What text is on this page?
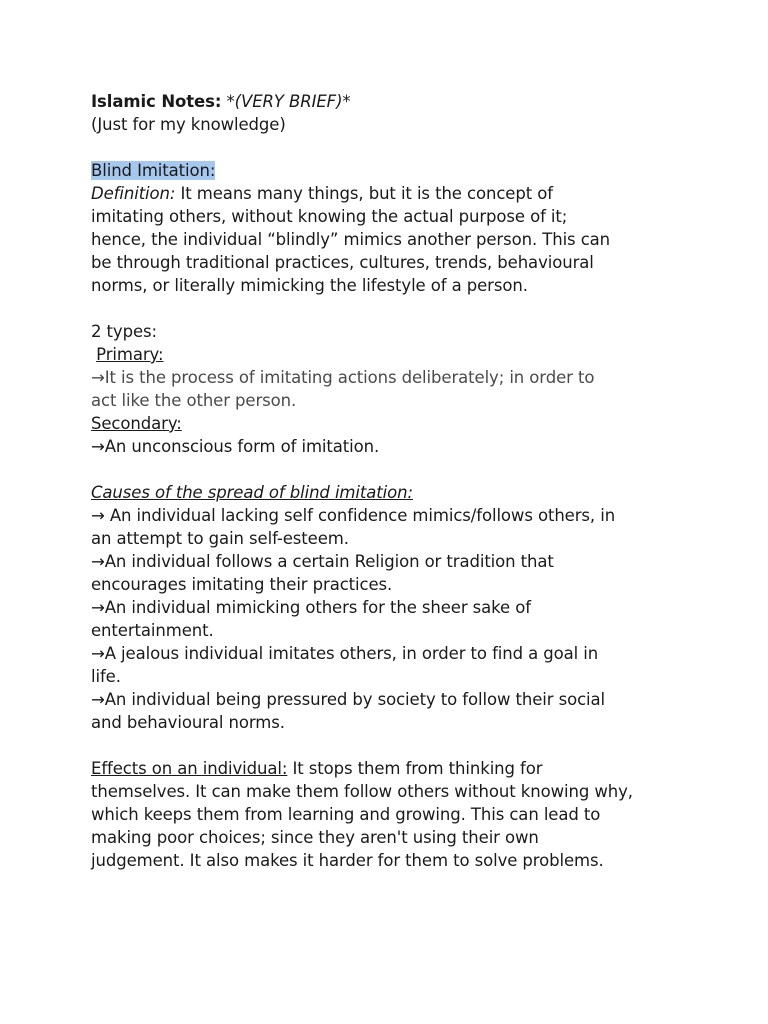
Islamic Notes: *(VERY BRIEF)*
(Just for my knowledge)
Blind Imitation:
Definition: It means many things, but it is the concept of
imitating others, without knowing the actual purpose of it;
hence, the individual “blindly” mimics another person. This can
be through traditional practices, cultures, trends, behavioural
norms, or literally mimicking the lifestyle of a person.
2 types:
Primary:
→It is the process of imitating actions deliberately; in order to
act like the other person.
Secondary:
→An unconscious form of imitation.
Causes of the spread of blind imitation:
→ An individual lacking self confidence mimics/follows others, in
an attempt to gain self-esteem.
→An individual follows a certain Religion or tradition that
encourages imitating their practices.
→An individual mimicking others for the sheer sake of
entertainment.
→A jealous individual imitates others, in order to find a goal in
life.
→An individual being pressured by society to follow their social
and behavioural norms.
Effects on an individual: It stops them from thinking for
themselves. It can make them follow others without knowing why,
which keeps them from learning and growing. This can lead to
making poor choices; since they aren't using their own
judgement. It also makes it harder for them to solve problems.
